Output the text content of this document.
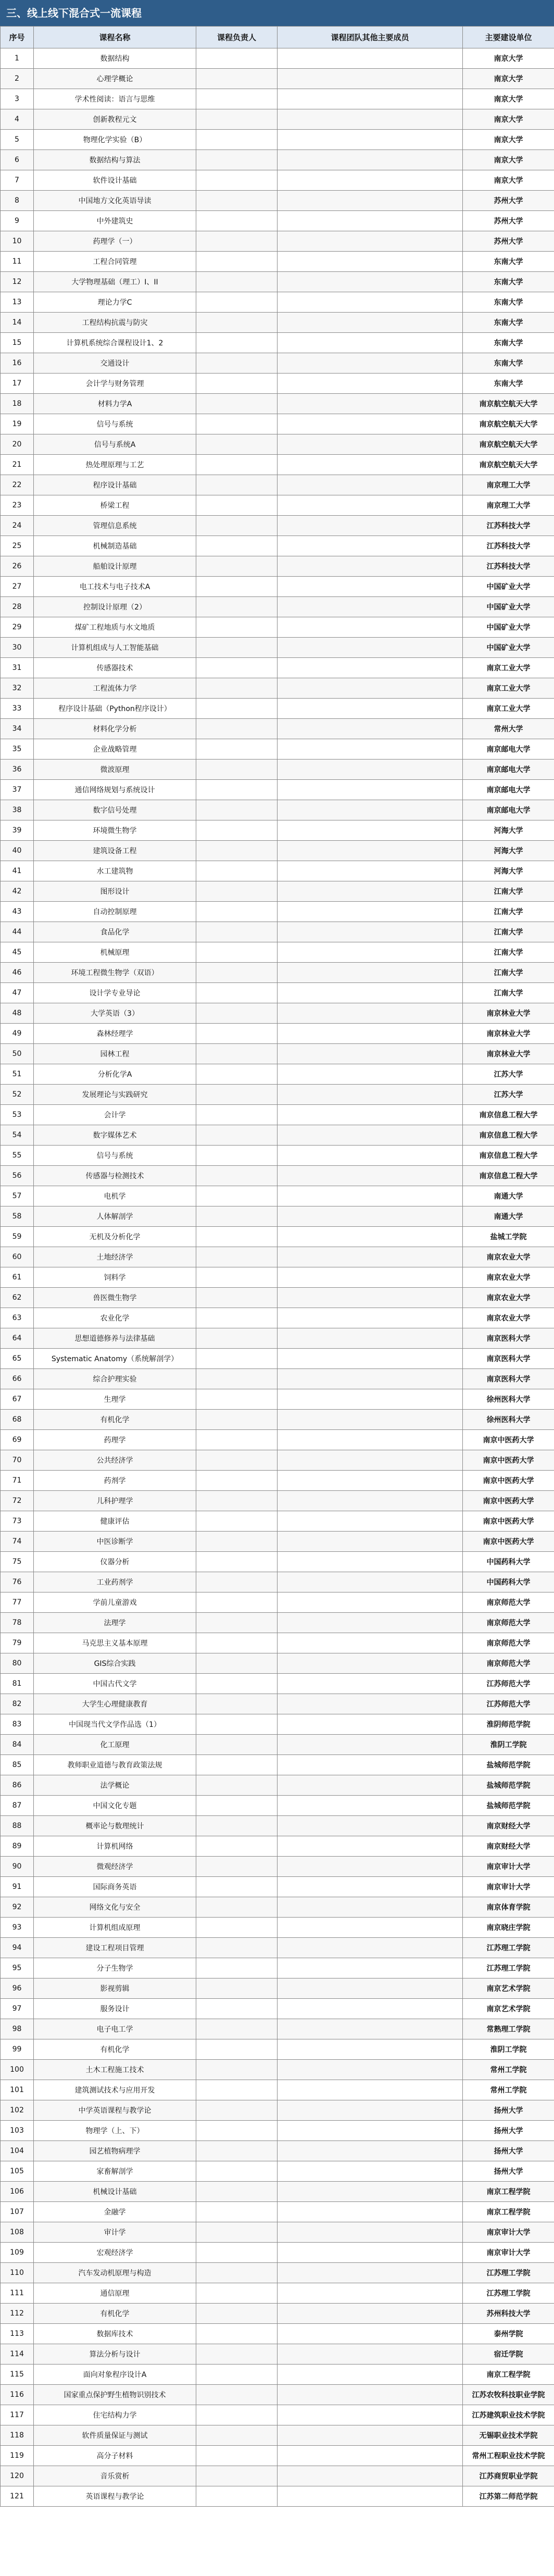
三、线上线下混合式一流课程
序号	课程名称	课程负责人	课程团队其他主要成员	主要建设单位
1	数据结构			南京大学
2	心理学概论			南京大学
3	学术性阅读：语言与思维			南京大学
4	创新教程元文			南京大学
5	物理化学实验（B）			南京大学
6	数据结构与算法			南京大学
7	软件设计基础			南京大学
8	中国地方文化英语导读			苏州大学
9	中外建筑史			苏州大学
10	药理学（一）			苏州大学
11	工程合同管理			东南大学
12	大学物理基础（理工）I、II			东南大学
13	理论力学C			东南大学
14	工程结构抗震与防灾			东南大学
15	计算机系统综合课程设计1、2			东南大学
16	交通设计			东南大学
17	会计学与财务管理			东南大学
18	材料力学A			南京航空航天大学
19	信号与系统			南京航空航天大学
20	信号与系统A			南京航空航天大学
21	热处理原理与工艺			南京航空航天大学
22	程序设计基础			南京理工大学
23	桥梁工程			南京理工大学
24	管理信息系统			江苏科技大学
25	机械制造基础			江苏科技大学
26	船舶设计原理			江苏科技大学
27	电工技术与电子技术A			中国矿业大学
28	控制设计原理（2）			中国矿业大学
29	煤矿工程地质与水文地质			中国矿业大学
30	计算机组成与人工智能基础			中国矿业大学
31	传感器技术			南京工业大学
32	工程流体力学			南京工业大学
33	程序设计基础（Python程序设计）			南京工业大学
34	材料化学分析			常州大学
35	企业战略管理			南京邮电大学
36	微波原理			南京邮电大学
37	通信网络规划与系统设计			南京邮电大学
38	数字信号处理			南京邮电大学
39	环境微生物学			河海大学
40	建筑设备工程			河海大学
41	水工建筑物			河海大学
42	图形设计			江南大学
43	自动控制原理			江南大学
44	食品化学			江南大学
45	机械原理			江南大学
46	环境工程微生物学（双语）			江南大学
47	设计学专业导论			江南大学
48	大学英语（3）			南京林业大学
49	森林经理学			南京林业大学
50	园林工程			南京林业大学
51	分析化学A			江苏大学
52	发展理论与实践研究			江苏大学
53	会计学			南京信息工程大学
54	数字媒体艺术			南京信息工程大学
55	信号与系统			南京信息工程大学
56	传感器与检测技术			南京信息工程大学
57	电机学			南通大学
58	人体解剖学			南通大学
59	无机及分析化学			盐城工学院
60	土地经济学			南京农业大学
61	饲料学			南京农业大学
62	兽医微生物学			南京农业大学
63	农业化学			南京农业大学
64	思想道德修养与法律基础			南京医科大学
65	Systematic Anatomy（系统解剖学）			南京医科大学
66	综合护理实验			南京医科大学
67	生理学			徐州医科大学
68	有机化学			徐州医科大学
69	药理学			南京中医药大学
70	公共经济学			南京中医药大学
71	药剂学			南京中医药大学
72	儿科护理学			南京中医药大学
73	健康评估			南京中医药大学
74	中医诊断学			南京中医药大学
75	仪器分析			中国药科大学
76	工业药剂学			中国药科大学
77	学前儿童游戏			南京师范大学
78	法理学			南京师范大学
79	马克思主义基本原理			南京师范大学
80	GIS综合实践			南京师范大学
81	中国古代文学			江苏师范大学
82	大学生心理健康教育			江苏师范大学
83	中国现当代文学作品选（1）			淮阴师范学院
84	化工原理			淮阴工学院
85	教师职业道德与教育政策法规			盐城师范学院
86	法学概论			盐城师范学院
87	中国文化专题			盐城师范学院
88	概率论与数理统计			南京财经大学
89	计算机网络			南京财经大学
90	微观经济学			南京审计大学
91	国际商务英语			南京审计大学
92	网络文化与安全			南京体育学院
93	计算机组成原理			南京晓庄学院
94	建设工程项目管理			江苏理工学院
95	分子生物学			江苏理工学院
96	影视剪辑			南京艺术学院
97	服务设计			南京艺术学院
98	电子电工学			常熟理工学院
99	有机化学			淮阴工学院
100	土木工程施工技术			常州工学院
101	建筑测试技术与应用开发			常州工学院
102	中学英语课程与教学论			扬州大学
103	物理学（上、下）			扬州大学
104	园艺植物病理学			扬州大学
105	家畜解剖学			扬州大学
106	机械设计基础			南京工程学院
107	金融学			南京工程学院
108	审计学			南京审计大学
109	宏观经济学			南京审计大学
110	汽车发动机原理与构造			江苏理工学院
111	通信原理			江苏理工学院
112	有机化学			苏州科技大学
113	数据库技术			泰州学院
114	算法分析与设计			宿迁学院
115	面向对象程序设计A			南京工程学院
116	国家重点保护野生植物识别技术			江苏农牧科技职业学院
117	住宅结构力学			江苏建筑职业技术学院
118	软件质量保证与测试			无锡职业技术学院
119	高分子材料			常州工程职业技术学院
120	音乐赏析			江苏商贸职业学院
121	英语课程与教学论			江苏第二师范学院
